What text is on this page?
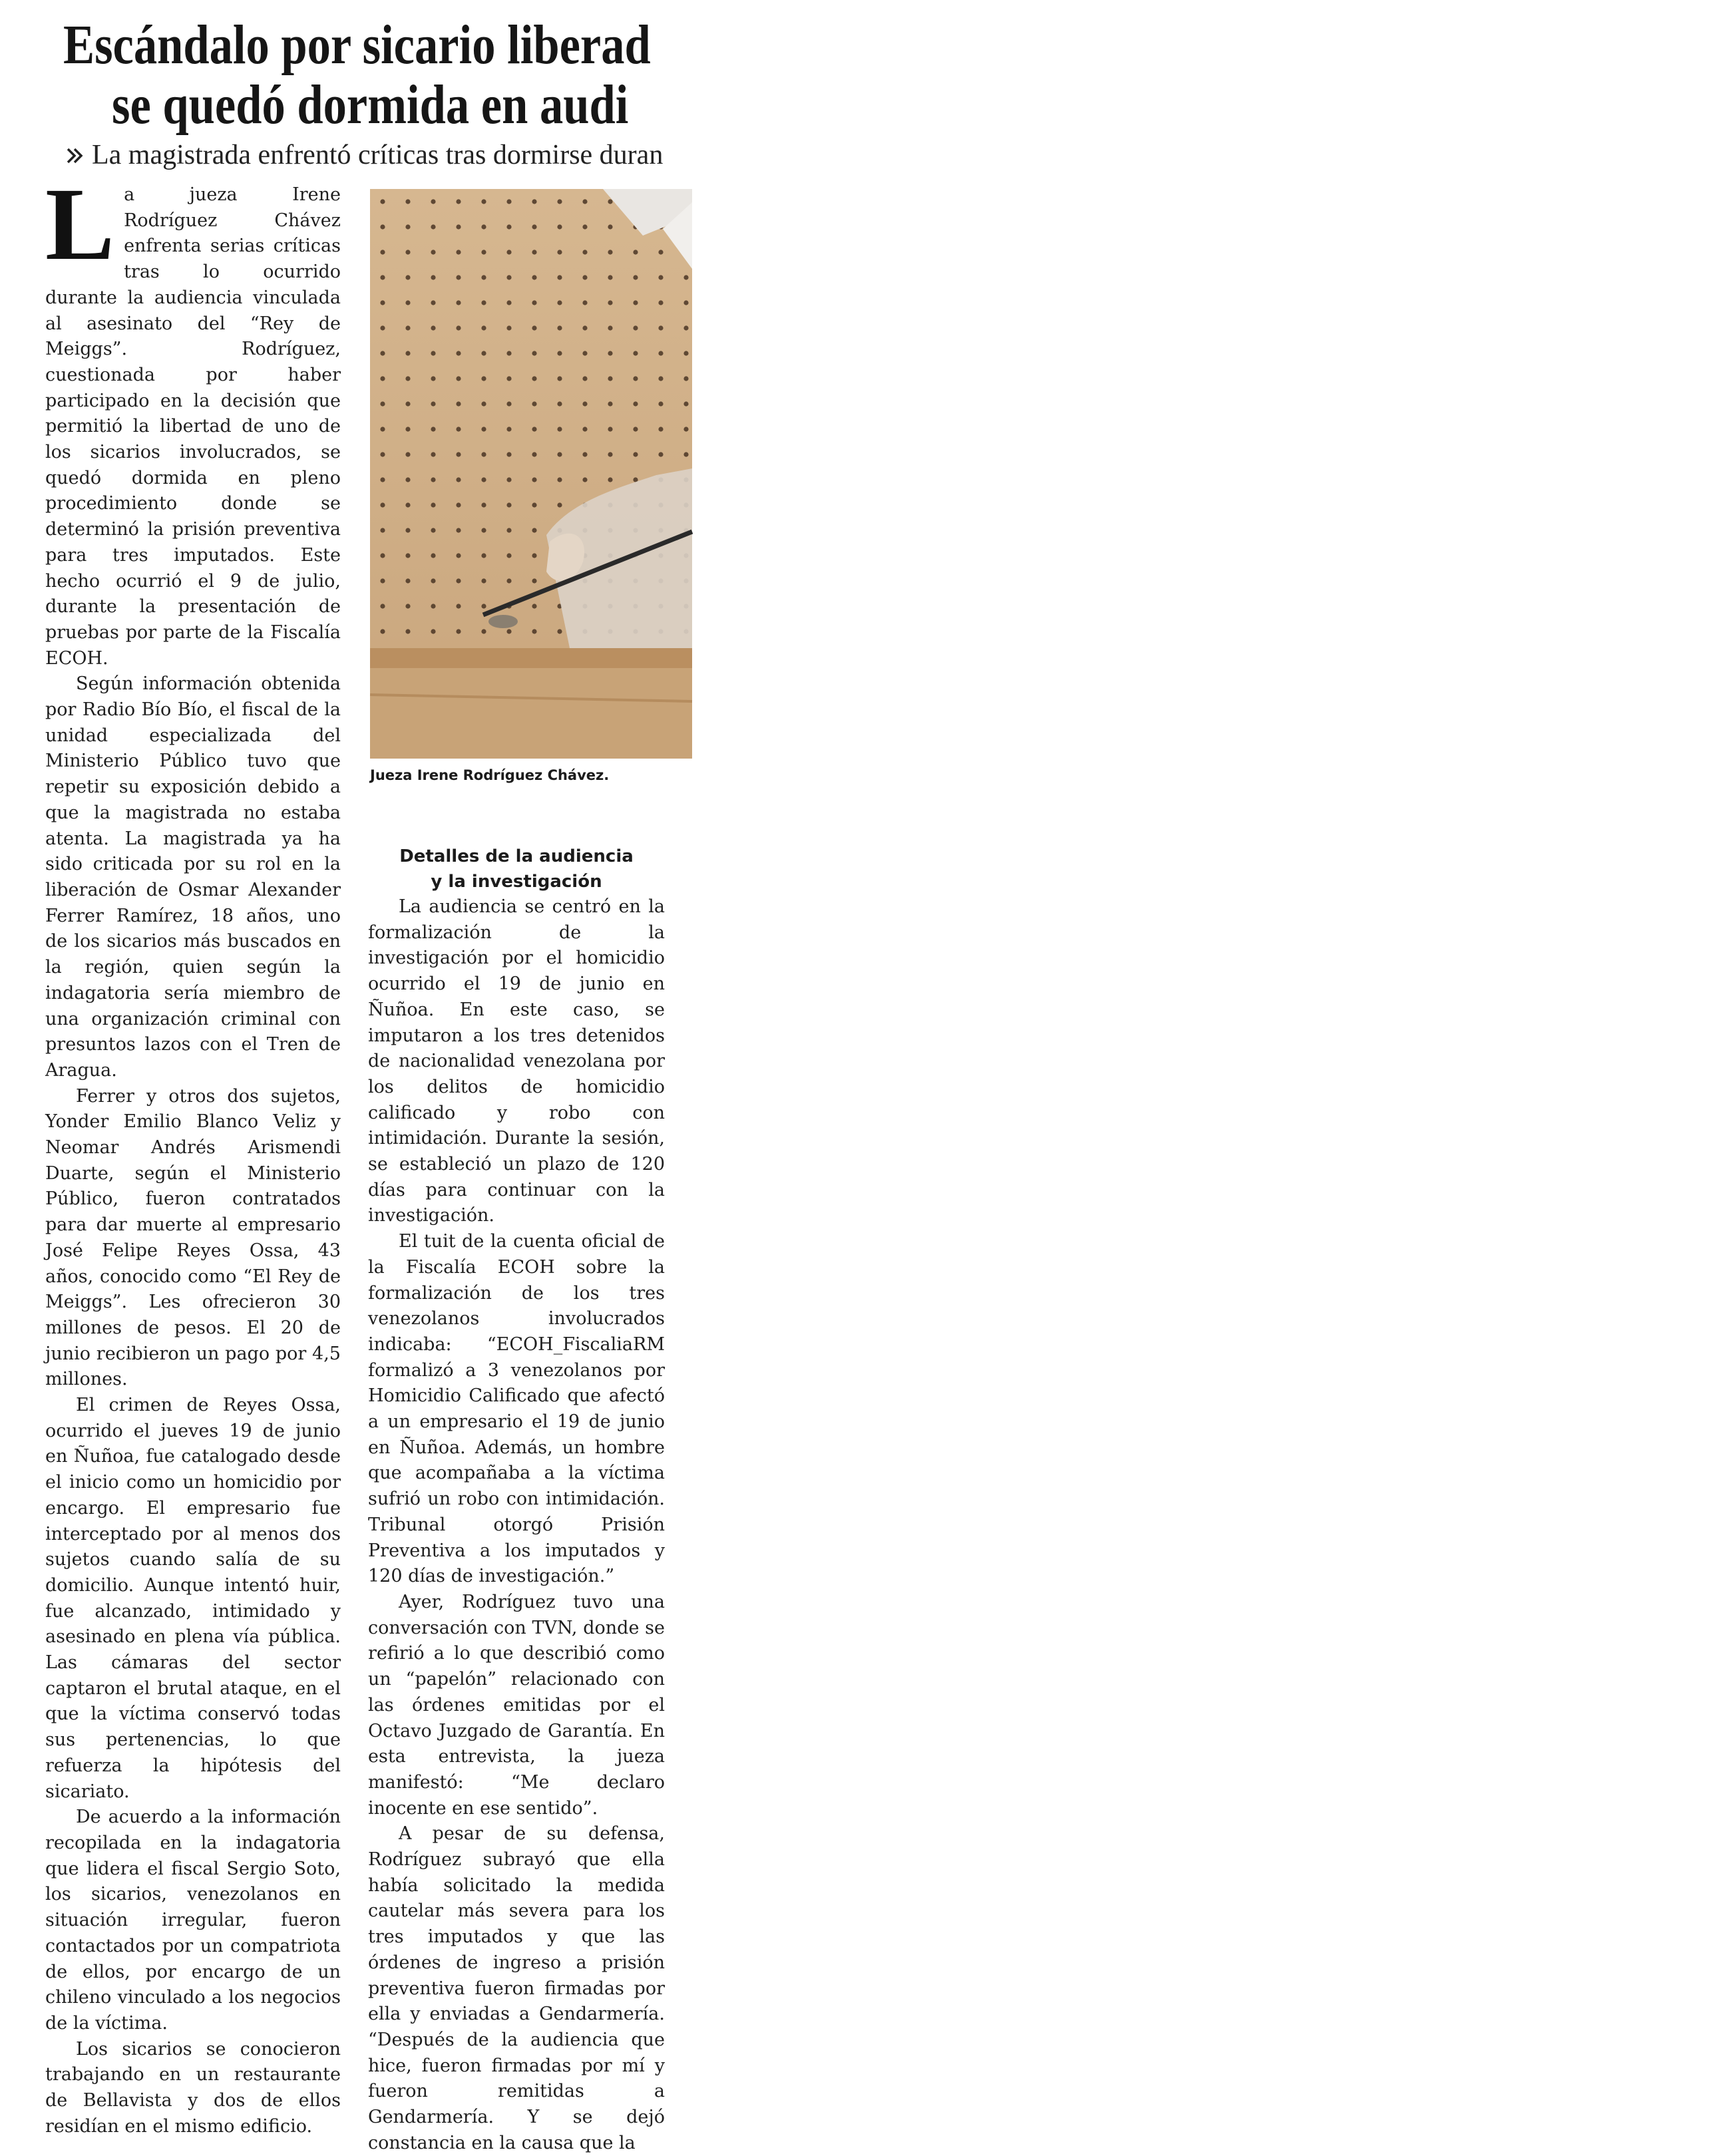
Escándalo por sicario liberad
se quedó dormida en audi
La magistrada enfrentó críticas tras dormirse duran

La jueza Irene Rodríguez Chávez enfrenta serias críticas tras lo ocurrido durante la audiencia vinculada al asesinato del “Rey de Meiggs”. Rodríguez, cuestionada por haber participado en la decisión que permitió la libertad de uno de los sicarios involucrados, se quedó dormida en pleno procedimiento donde se determinó la prisión preventiva para tres imputados. Este hecho ocurrió el 9 de julio, durante la presentación de pruebas por parte de la Fiscalía ECOH.

Según información obtenida por Radio Bío Bío, el fiscal de la unidad especializada del Ministerio Público tuvo que repetir su exposición debido a que la magistrada no estaba atenta. La magistrada ya ha sido criticada por su rol en la liberación de Osmar Alexander Ferrer Ramírez, 18 años, uno de los sicarios más buscados en la región, quien según la indagatoria sería miembro de una organización criminal con presuntos lazos con el Tren de Aragua.

Ferrer y otros dos sujetos, Yonder Emilio Blanco Veliz y Neomar Andrés Arismendi Duarte, según el Ministerio Público, fueron contratados para dar muerte al empresario José Felipe Reyes Ossa, 43 años, conocido como “El Rey de Meiggs”. Les ofrecieron 30 millones de pesos. El 20 de junio recibieron un pago por 4,5 millones.

El crimen de Reyes Ossa, ocurrido el jueves 19 de junio en Ñuñoa, fue catalogado desde el inicio como un homicidio por encargo. El empresario fue interceptado por al menos dos sujetos cuando salía de su domicilio. Aunque intentó huir, fue alcanzado, intimidado y asesinado en plena vía pública. Las cámaras del sector captaron el brutal ataque, en el que la víctima conservó todas sus pertenencias, lo que refuerza la hipótesis del sicariato.

De acuerdo a la información recopilada en la indagatoria que lidera el fiscal Sergio Soto, los sicarios, venezolanos en situación irregular, fueron contactados por un compatriota de ellos, por encargo de un chileno vinculado a los negocios de la víctima.

Los sicarios se conocieron trabajando en un restaurante de Bellavista y dos de ellos residían en el mismo edificio.

Jueza Irene Rodríguez Chávez.
Detalles de la audiencia
y la investigación

La audiencia se centró en la formalización de la investigación por el homicidio ocurrido el 19 de junio en Ñuñoa. En este caso, se imputaron a los tres detenidos de nacionalidad venezolana por los delitos de homicidio calificado y robo con intimidación. Durante la sesión, se estableció un plazo de 120 días para continuar con la investigación.

El tuit de la cuenta oficial de la Fiscalía ECOH sobre la formalización de los tres venezolanos involucrados indicaba: “ECOH_FiscaliaRM formalizó a 3 venezolanos por Homicidio Calificado que afectó a un empresario el 19 de junio en Ñuñoa. Además, un hombre que acompañaba a la víctima sufrió un robo con intimidación. Tribunal otorgó Prisión Preventiva a los imputados y 120 días de investigación.”

Ayer, Rodríguez tuvo una conversación con TVN, donde se refirió a lo que describió como un “papelón” relacionado con las órdenes emitidas por el Octavo Juzgado de Garantía. En esta entrevista, la jueza manifestó: “Me declaro inocente en ese sentido”.

A pesar de su defensa, Rodríguez subrayó que ella había solicitado la medida cautelar más severa para los tres imputados y que las órdenes de ingreso a prisión preventiva fueron firmadas por ella y enviadas a Gendarmería. “Después de la audiencia que hice, fueron firmadas por mí y fueron remitidas a Gendarmería. Y se dejó constancia en la causa que la
